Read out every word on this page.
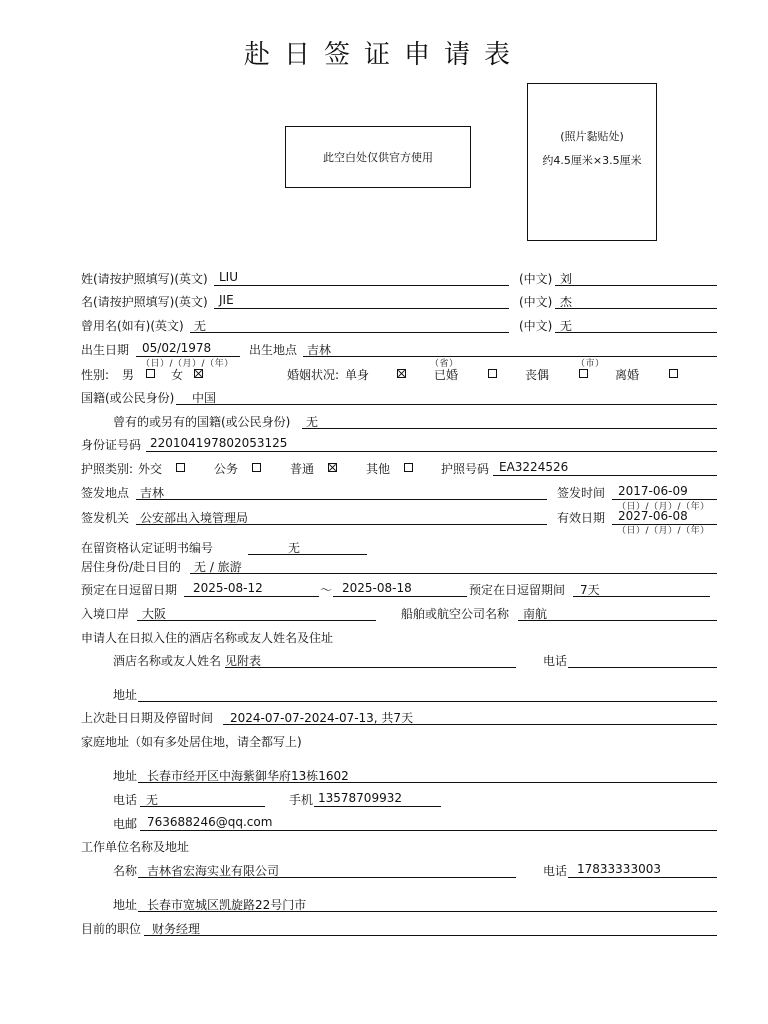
赴日签证申请表
此空白处仅供官方使用
(照片黏贴处)
约4.5厘米×3.5厘米
姓(请按护照填写)(英文) LIU	(中文) 刘
名(请按护照填写)(英文) JIE	(中文) 杰
曾用名(如有)(英文) 无	(中文) 无
出生日期 05/02/1978
（日）/（月）/（年）
出生地点 吉林
（省）	（市）
性别: 男	女	婚姻状况: 单身	已婚	丧偶	离婚
国籍(或公民身份) 中国
曾有的或另有的国籍(或公民身份) 无
身份证号码 220104197802053125
护照类别: 外交	公务	普通	其他	护照号码 EA3224526
签发地点 吉林	签发时间 2017-06-09
（日）/（月）/（年）
签发机关 公安部出入境管理局	有效日期 2027-06-08
（日）/（月）/（年）
在留资格认定证明书编号	无
居住身份/赴日目的 无 / 旅游
预定在日逗留日期 2025-08-12	～ 2025-08-18	预定在日逗留期间 7天
入境口岸 大阪	船舶或航空公司名称 南航
申请人在日拟入住的酒店名称或友人姓名及住址
酒店名称或友人姓名 见附表	电话
地址
上次赴日日期及停留时间 2024-07-07-2024-07-13, 共7天
家庭地址（如有多处居住地，请全都写上)
地址 长春市经开区中海紫御华府13栋1602
电话 无	手机 13578709932
电邮 763688246@qq.com
工作单位名称及地址
名称 吉林省宏海实业有限公司	电话 17833333003
地址 长春市宽城区凯旋路22号门市
目前的职位 财务经理
